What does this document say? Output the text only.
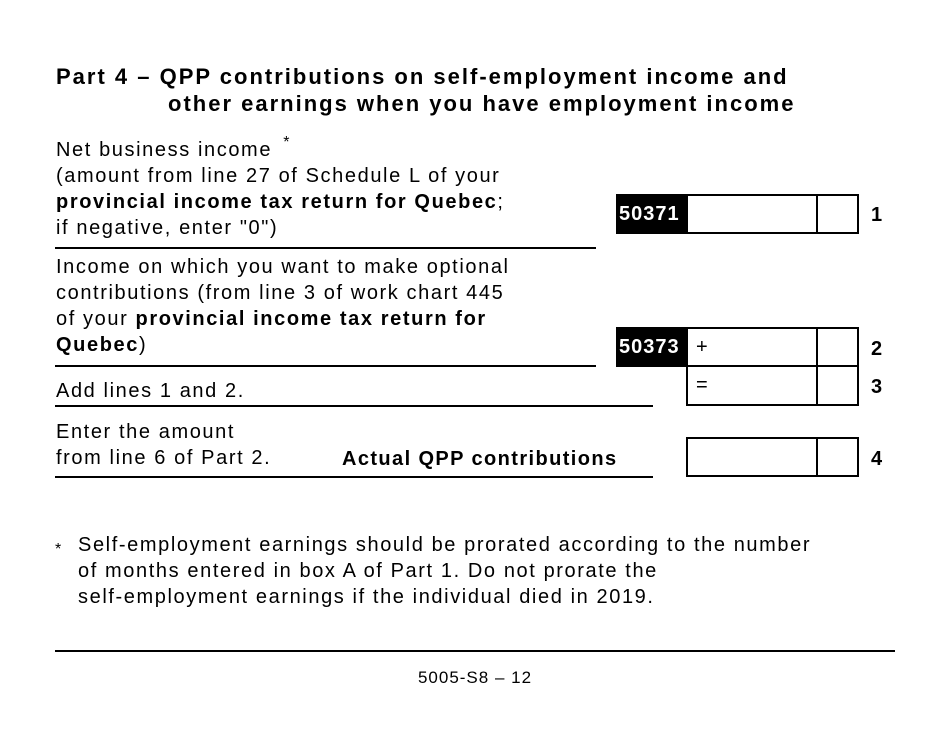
Part 4 – QPP contributions on self-employment income and
other earnings when you have employment income
Net business income *
(amount from line 27 of Schedule L of your
provincial income tax return for Quebec;
if negative, enter "0")
50371	1
Income on which you want to make optional
contributions (from line 3 of work chart 445
of your provincial income tax return for
Quebec)	50373 +	2
Add lines 1 and 2.	=	3
Enter the amount
from line 6 of Part 2.	Actual QPP contributions	4
* Self-employment earnings should be prorated according to the number
of months entered in box A of Part 1. Do not prorate the
self-employment earnings if the individual died in 2019.
5005-S8 – 12
